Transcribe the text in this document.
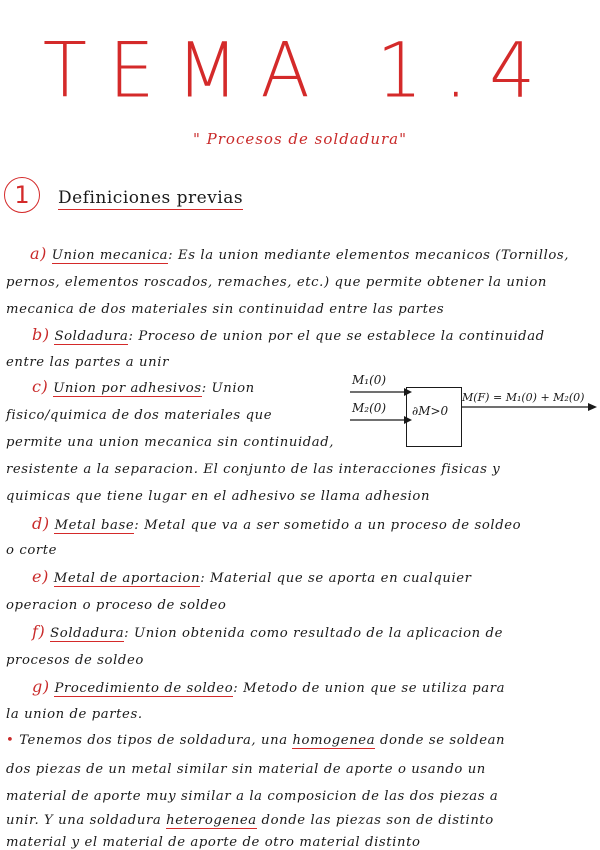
TEMA 1.4
" Procesos de soldadura"
1	Definiciones previas
a) Union mecanica: Es la union mediante elementos mecanicos (Tornillos,
pernos, elementos roscados, remaches, etc.) que permite obtener la union
mecanica de dos materiales sin continuidad entre las partes
b) Soldadura: Proceso de union por el que se establece la continuidad
entre las partes a unir
c) Union por adhesivos: Union
fisico/quimica de dos materiales que
permite una union mecanica sin continuidad,
resistente a la separacion. El conjunto de las interacciones fisicas y
quimicas que tiene lugar en el adhesivo se llama adhesion
M₁(0)
M₂(0) ∂M>0
M(F) = M₁(0) + M₂(0)
d) Metal base: Metal que va a ser sometido a un proceso de soldeo
o corte
e) Metal de aportacion: Material que se aporta en cualquier
operacion o proceso de soldeo
f) Soldadura: Union obtenida como resultado de la aplicacion de
procesos de soldeo
g) Procedimiento de soldeo: Metodo de union que se utiliza para
la union de partes.
• Tenemos dos tipos de soldadura, una homogenea donde se soldean
dos piezas de un metal similar sin material de aporte o usando un
material de aporte muy similar a la composicion de las dos piezas a
unir. Y una soldadura heterogenea donde las piezas son de distinto
material y el material de aporte de otro material distinto
